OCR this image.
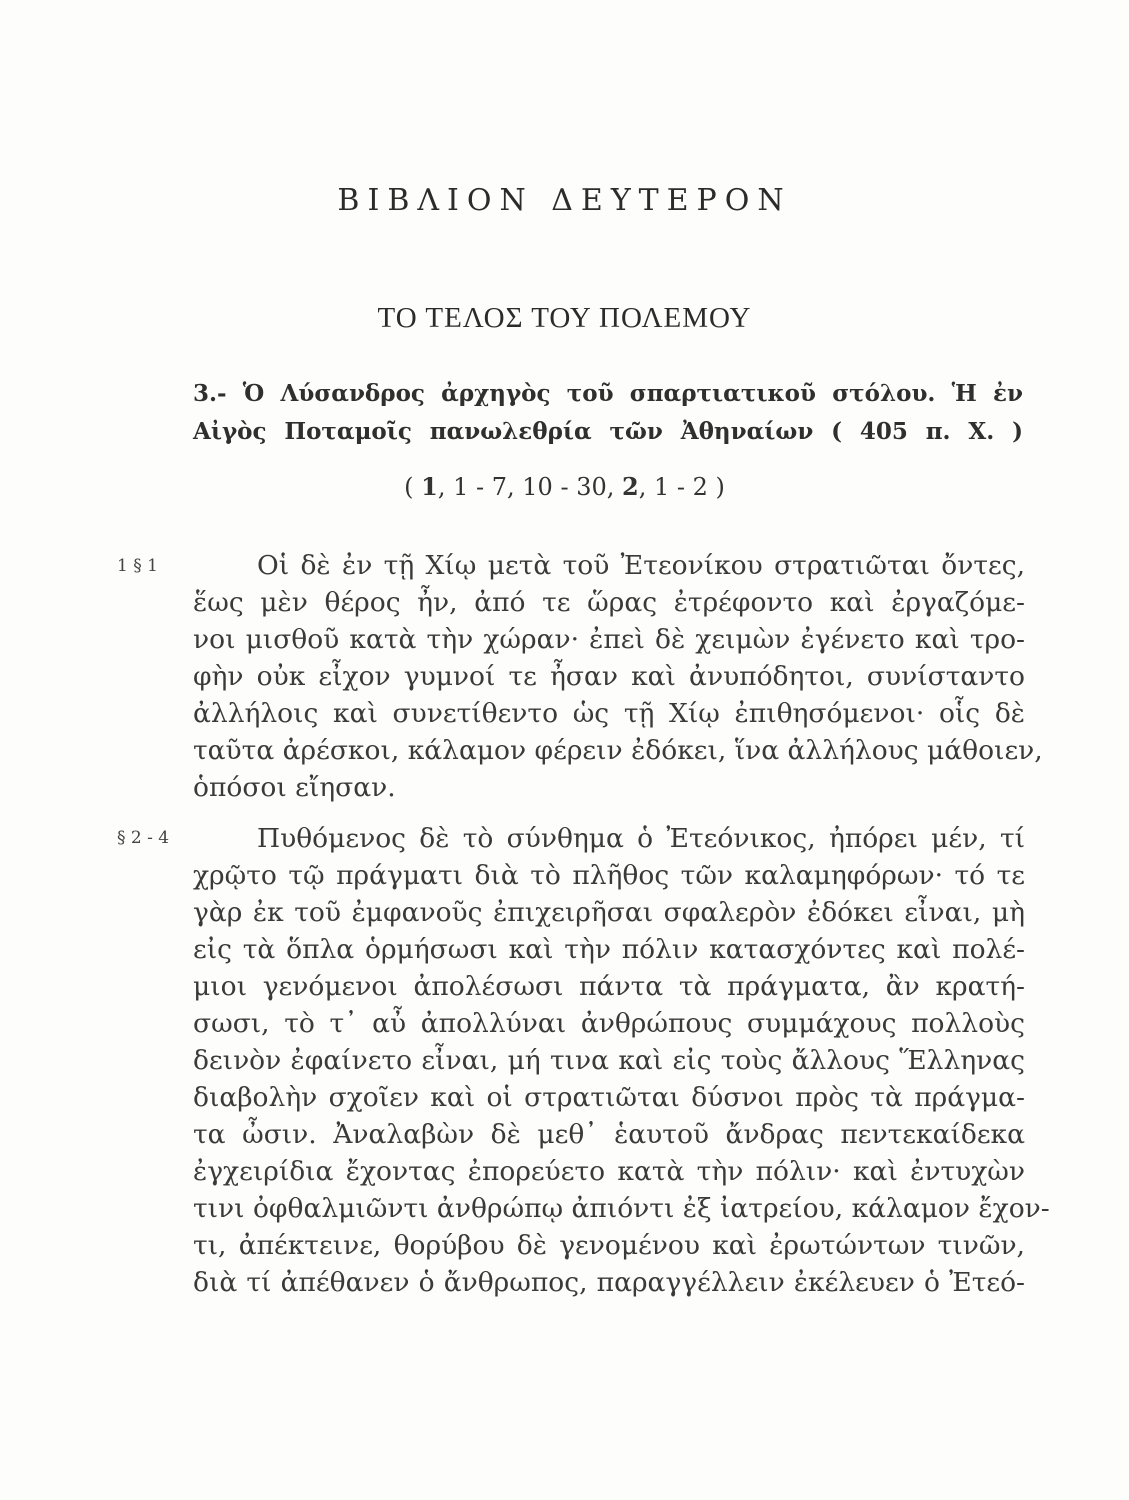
ΒΙΒΛΙΟΝ ΔΕΥΤΕΡΟΝ
ΤΟ ΤΕΛΟΣ ΤΟΥ ΠΟΛΕΜΟΥ
3.- Ὁ Λύσανδρος ἀρχηγὸς τοῦ σπαρτιατικοῦ στόλου. Ἡ ἐν
Αἰγὸς Ποταμοῖς πανωλεθρία τῶν Ἀθηναίων ( 405 π. Χ. )
( 1, 1 - 7, 10 - 30, 2, 1 - 2 )
1 § 1	Οἱ δὲ ἐν τῇ Χίῳ μετὰ τοῦ Ἐτεονίκου στρατιῶται ὄντες,
ἕως μὲν θέρος ἦν, ἀπό τε ὥρας ἐτρέφοντο καὶ ἐργαζόμε-
νοι μισθοῦ κατὰ τὴν χώραν· ἐπεὶ δὲ χειμὼν ἐγένετο καὶ τρο-
φὴν οὐκ εἶχον γυμνοί τε ἦσαν καὶ ἀνυπόδητοι, συνίσταντο
ἀλλήλοις καὶ συνετίθεντο ὡς τῇ Χίῳ ἐπιθησόμενοι· οἷς δὲ
ταῦτα ἀρέσκοι, κάλαμον φέρειν ἐδόκει, ἵνα ἀλλήλους μάθοιεν,
ὁπόσοι εἴησαν.
§ 2 - 4	Πυθόμενος δὲ τὸ σύνθημα ὁ Ἐτεόνικος, ἠπόρει μέν, τί
χρῷτο τῷ πράγματι διὰ τὸ πλῆθος τῶν καλαμηφόρων· τό τε
γὰρ ἐκ τοῦ ἐμφανοῦς ἐπιχειρῆσαι σφαλερὸν ἐδόκει εἶναι, μὴ
εἰς τὰ ὅπλα ὁρμήσωσι καὶ τὴν πόλιν κατασχόντες καὶ πολέ-
μιοι γενόμενοι ἀπολέσωσι πάντα τὰ πράγματα, ἂν κρατή-
σωσι, τὸ τ᾽ αὖ ἀπολλύναι ἀνθρώπους συμμάχους πολλοὺς
δεινὸν ἐφαίνετο εἶναι, μή τινα καὶ εἰς τοὺς ἄλλους Ἕλληνας
διαβολὴν σχοῖεν καὶ οἱ στρατιῶται δύσνοι πρὸς τὰ πράγμα-
τα ὦσιν. Ἀναλαβὼν δὲ μεθ᾽ ἑαυτοῦ ἄνδρας πεντεκαίδεκα
ἐγχειρίδια ἔχοντας ἐπορεύετο κατὰ τὴν πόλιν· καὶ ἐντυχὼν
τινι ὀφθαλμιῶντι ἀνθρώπῳ ἀπιόντι ἐξ ἰατρείου, κάλαμον ἔχον-
τι, ἀπέκτεινε, θορύβου δὲ γενομένου καὶ ἐρωτώντων τινῶν,
διὰ τί ἀπέθανεν ὁ ἄνθρωπος, παραγγέλλειν ἐκέλευεν ὁ Ἐτεό-
